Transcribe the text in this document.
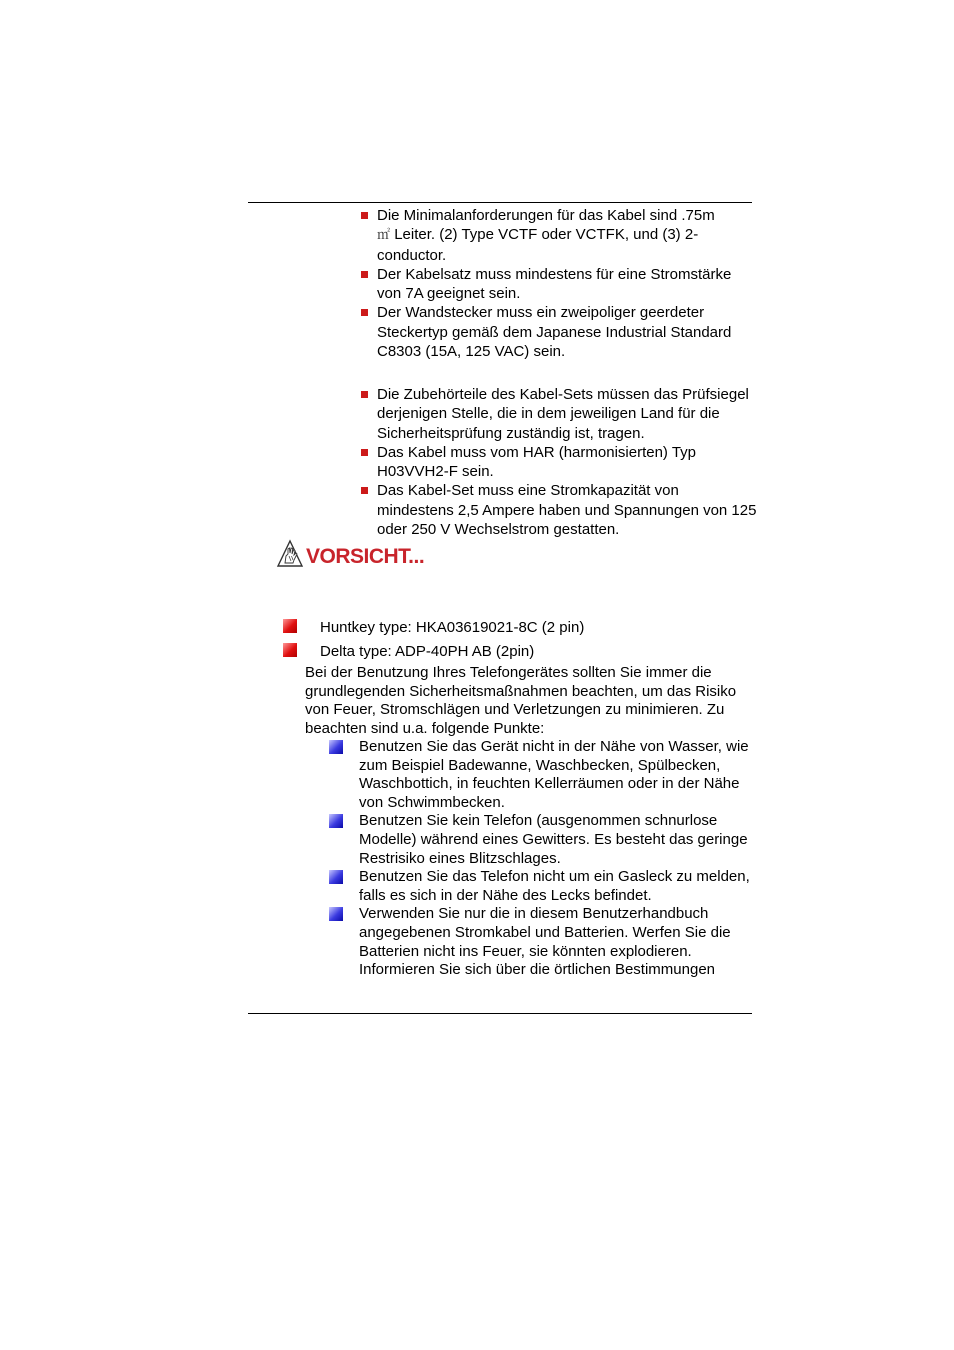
Die Minimalanforderungen für das Kabel sind .75m
㎡ Leiter. (2) Type VCTF oder VCTFK, und (3) 2-conductor.
Der Kabelsatz muss mindestens für eine Stromstärke von 7A geeignet sein.
Der Wandstecker muss ein zweipoliger geerdeter Steckertyp gemäß dem Japanese Industrial Standard C8303 (15A, 125 VAC) sein.
Die Zubehörteile des Kabel-Sets müssen das Prüfsiegel derjenigen Stelle, die in dem jeweiligen Land für die Sicherheitsprüfung zuständig ist, tragen.
Das Kabel muss vom HAR (harmonisierten) Typ H03VVH2-F sein.
Das Kabel-Set muss eine Stromkapazität von mindestens 2,5 Ampere haben und Spannungen von 125 oder 250 V Wechselstrom gestatten.
VORSICHT...
Huntkey type: HKA03619021-8C (2 pin)
Delta type: ADP-40PH AB (2pin)

Bei der Benutzung Ihres Telefongerätes sollten Sie immer die grundlegenden Sicherheitsmaßnahmen beachten, um das Risiko von Feuer, Stromschlägen und Verletzungen zu minimieren. Zu beachten sind u.a. folgende Punkte:

Benutzen Sie das Gerät nicht in der Nähe von Wasser, wie zum Beispiel Badewanne, Waschbecken, Spülbecken, Waschbottich, in feuchten Kellerräumen oder in der Nähe von Schwimmbecken.
Benutzen Sie kein Telefon (ausgenommen schnurlose Modelle) während eines Gewitters. Es besteht das geringe Restrisiko eines Blitzschlages.
Benutzen Sie das Telefon nicht um ein Gasleck zu melden, falls es sich in der Nähe des Lecks befindet.
Verwenden Sie nur die in diesem Benutzerhandbuch angegebenen Stromkabel und Batterien. Werfen Sie die Batterien nicht ins Feuer, sie könnten explodieren. Informieren Sie sich über die örtlichen Bestimmungen
